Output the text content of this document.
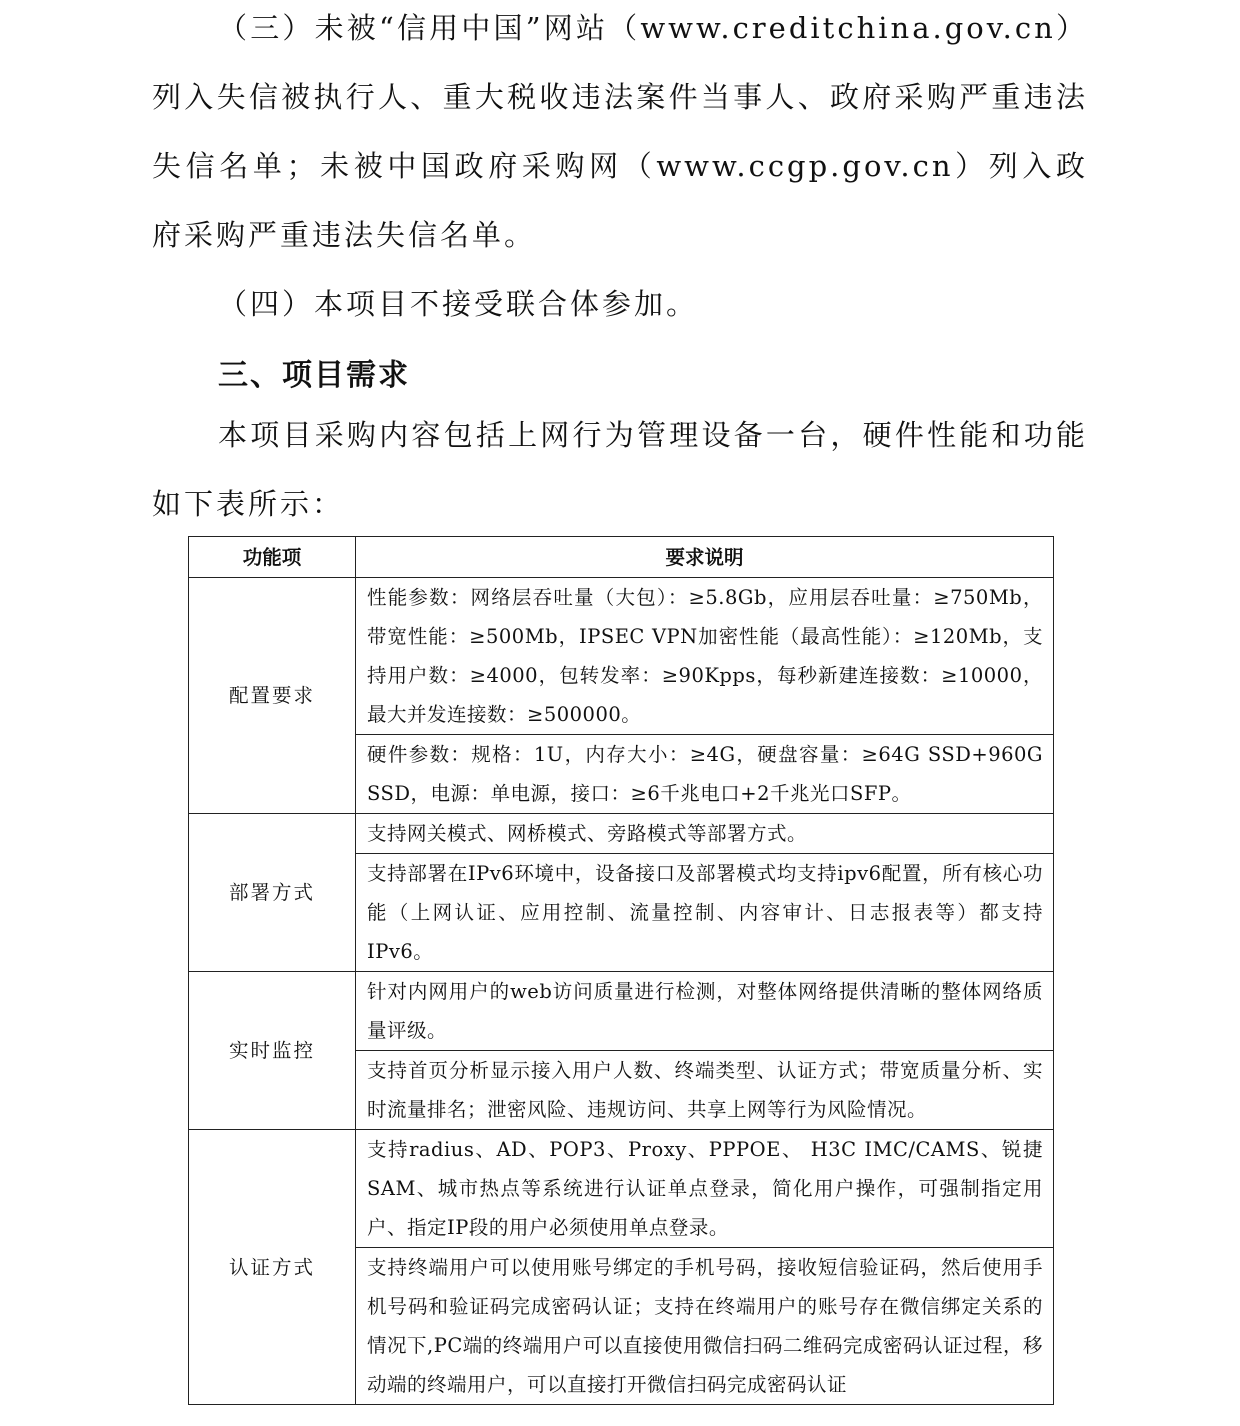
（三）未被“信用中国”网站（www.creditchina.gov.cn）列入失信被执行人、重大税收违法案件当事人、政府采购严重违法失信名单；未被中国政府采购网（www.ccgp.gov.cn）列入政府采购严重违法失信名单。

（四）本项目不接受联合体参加。

三、项目需求

本项目采购内容包括上网行为管理设备一台，硬件性能和功能如下表所示：

功能项	要求说明
配置要求	性能参数：网络层吞吐量（大包）：≥5.8Gb，应用层吞吐量：≥750Mb，带宽性能：≥500Mb，IPSEC VPN加密性能（最高性能）：≥120Mb，支持用户数：≥4000，包转发率：≥90Kpps，每秒新建连接数：≥10000，最大并发连接数：≥500000。
	硬件参数：规格：1U，内存大小：≥4G，硬盘容量：≥64G SSD+960G SSD，电源：单电源，接口：≥6千兆电口+2千兆光口SFP。
部署方式	支持网关模式、网桥模式、旁路模式等部署方式。
	支持部署在IPv6环境中，设备接口及部署模式均支持ipv6配置，所有核心功能（上网认证、应用控制、流量控制、内容审计、日志报表等）都支持IPv6。
实时监控	针对内网用户的web访问质量进行检测，对整体网络提供清晰的整体网络质量评级。
	支持首页分析显示接入用户人数、终端类型、认证方式；带宽质量分析、实时流量排名；泄密风险、违规访问、共享上网等行为风险情况。
认证方式	支持radius、AD、POP3、Proxy、PPPOE、 H3C IMC/CAMS、锐捷 SAM、城市热点等系统进行认证单点登录，简化用户操作，可强制指定用户、指定IP段的用户必须使用单点登录。
	支持终端用户可以使用账号绑定的手机号码，接收短信验证码，然后使用手机号码和验证码完成密码认证；支持在终端用户的账号存在微信绑定关系的情况下,PC端的终端用户可以直接使用微信扫码二维码完成密码认证过程，移动端的终端用户，可以直接打开微信扫码完成密码认证
